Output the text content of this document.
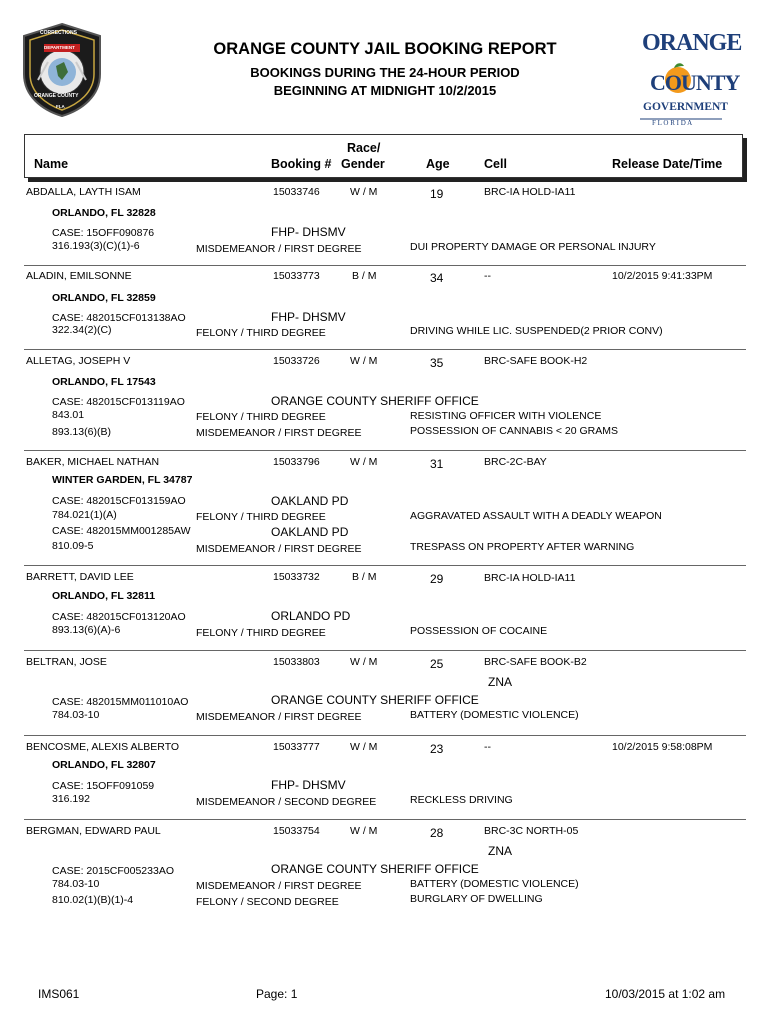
CORRECTIONS
DEPARTMENT
ORANGE COUNTY
FLA
ORANGE COUNTY JAIL BOOKING REPORT
BOOKINGS DURING THE 24-HOUR PERIOD
BEGINNING AT MIDNIGHT 10/2/2015
ORANGE
COUNTY
GOVERNMENT
F L O R I D A
Name	Booking #
Race/
Gender	Age	Cell	Release Date/Time
ABDALLA, LAYTH ISAM	15033746	W / M	19	BRC-IA HOLD-IA11
ORLANDO, FL 32828
CASE: 15OFF090876	FHP- DHSMV
316.193(3)(C)(1)-6	MISDEMEANOR / FIRST DEGREE	DUI PROPERTY DAMAGE OR PERSONAL INJURY
ALADIN, EMILSONNE	15033773	B / M	34	--	10/2/2015 9:41:33PM
ORLANDO, FL 32859
CASE: 482015CF013138AO	FHP- DHSMV
322.34(2)(C)	FELONY / THIRD DEGREE	DRIVING WHILE LIC. SUSPENDED(2 PRIOR CONV)
ALLETAG, JOSEPH V	15033726	W / M	35	BRC-SAFE BOOK-H2
ORLANDO, FL 17543
CASE: 482015CF013119AO	ORANGE COUNTY SHERIFF OFFICE
843.01	FELONY / THIRD DEGREE	RESISTING OFFICER WITH VIOLENCE
893.13(6)(B)	MISDEMEANOR / FIRST DEGREE	POSSESSION OF CANNABIS < 20 GRAMS
BAKER, MICHAEL NATHAN	15033796	W / M	31	BRC-2C-BAY
WINTER GARDEN, FL 34787
CASE: 482015CF013159AO	OAKLAND PD
784.021(1)(A)	FELONY / THIRD DEGREE	AGGRAVATED ASSAULT WITH A DEADLY WEAPON
CASE: 482015MM001285AW	OAKLAND PD
810.09-5	MISDEMEANOR / FIRST DEGREE	TRESPASS ON PROPERTY AFTER WARNING
BARRETT, DAVID LEE	15033732	B / M	29	BRC-IA HOLD-IA11
ORLANDO, FL 32811
CASE: 482015CF013120AO	ORLANDO PD
893.13(6)(A)-6	FELONY / THIRD DEGREE	POSSESSION OF COCAINE
BELTRAN, JOSE	15033803	W / M	25	BRC-SAFE BOOK-B2
ZNA
CASE: 482015MM011010AO	ORANGE COUNTY SHERIFF OFFICE
784.03-10	MISDEMEANOR / FIRST DEGREE	BATTERY (DOMESTIC VIOLENCE)
BENCOSME, ALEXIS ALBERTO	15033777	W / M	23	--	10/2/2015 9:58:08PM
ORLANDO, FL 32807
CASE: 15OFF091059	FHP- DHSMV
316.192	MISDEMEANOR / SECOND DEGREE	RECKLESS DRIVING
BERGMAN, EDWARD PAUL	15033754	W / M	28	BRC-3C NORTH-05
ZNA
CASE: 2015CF005233AO	ORANGE COUNTY SHERIFF OFFICE
784.03-10	MISDEMEANOR / FIRST DEGREE	BATTERY (DOMESTIC VIOLENCE)
810.02(1)(B)(1)-4	FELONY / SECOND DEGREE	BURGLARY OF DWELLING
IMS061	Page: 1	10/03/2015 at 1:02 am
